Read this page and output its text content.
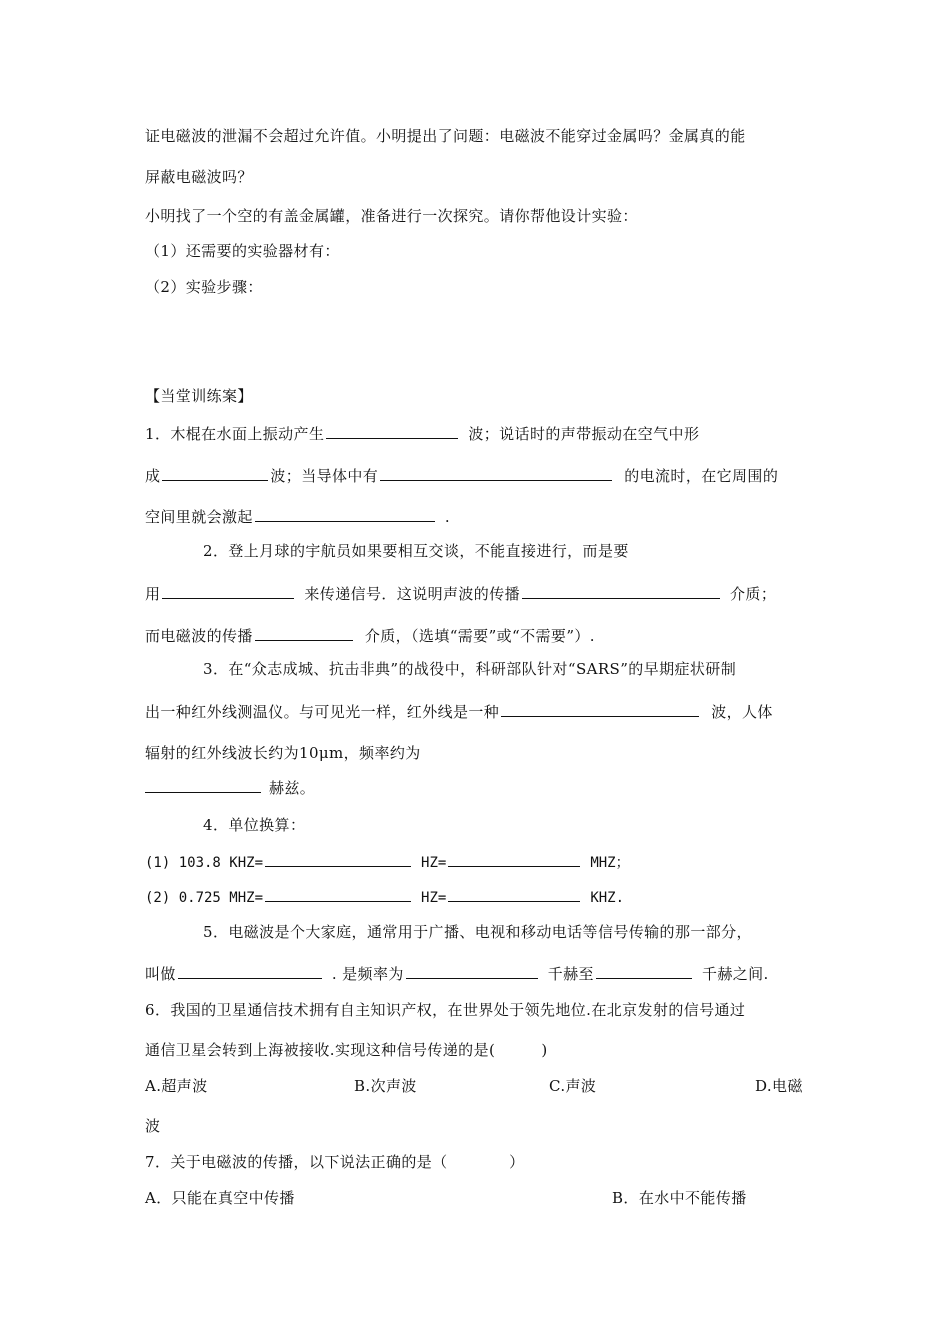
证电磁波的泄漏不会超过允许值。小明提出了问题：电磁波不能穿过金属吗？金属真的能
屏蔽电磁波吗？
小明找了一个空的有盖金属罐，准备进行一次探究。请你帮他设计实验：
（1）还需要的实验器材有：
（2）实验步骤：
【当堂训练案】
1．木棍在水面上振动产生	波；说话时的声带振动在空气中形
成	波；当导体中有	的电流时，在它周围的
空间里就会激起	.
2．登上月球的宇航员如果要相互交谈，不能直接进行，而是要
用	来传递信号．这说明声波的传播	介质；
而电磁波的传播	介质，（选填“需要”或“不需要”）.
3．在“众志成城、抗击非典”的战役中，科研部队针对“SARS”的早期症状研制
出一种红外线测温仪。与可见光一样，红外线是一种	波，人体
辐射的红外线波长约为10μm，频率约为
赫兹。
4．单位换算：
(1) 103.8 KHZ=	HZ=	MHZ；
(2) 0.725 MHZ=	HZ=	KHZ.
5．电磁波是个大家庭，通常用于广播、电视和移动电话等信号传输的那一部分，
叫做	. 是频率为	千赫至	千赫之间.
6．我国的卫星通信技术拥有自主知识产权，在世界处于领先地位.在北京发射的信号通过
通信卫星会转到上海被接收.实现这种信号传递的是(　　　)
A.超声波	B.次声波	C.声波	D.电磁
波
7．关于电磁波的传播，以下说法正确的是（　　　　）
A．只能在真空中传播	B．在水中不能传播
